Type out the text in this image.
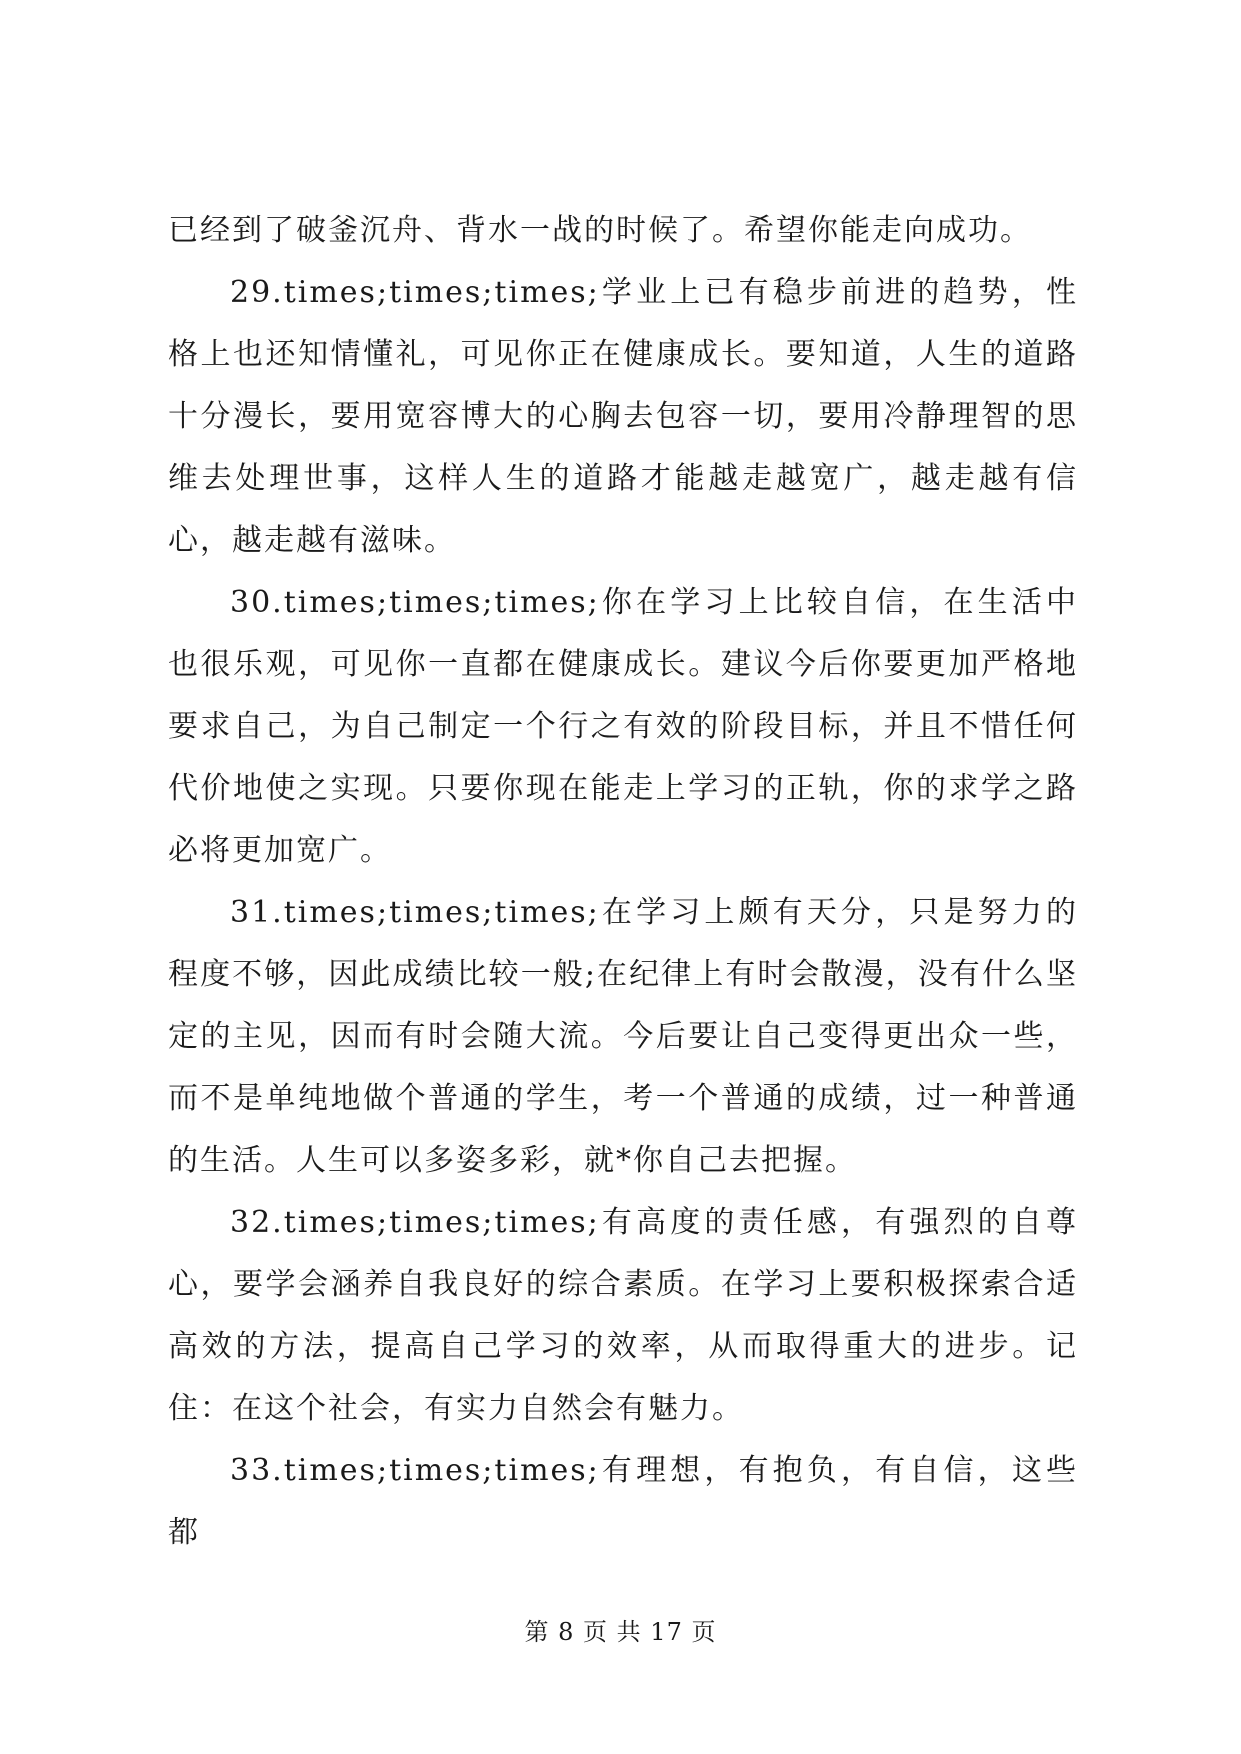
已经到了破釜沉舟、背水一战的时候了。希望你能走向成功。

29.times;times;times;学业上已有稳步前进的趋势，性格上也还知情懂礼，可见你正在健康成长。要知道，人生的道路十分漫长，要用宽容博大的心胸去包容一切，要用冷静理智的思维去处理世事，这样人生的道路才能越走越宽广，越走越有信心，越走越有滋味。

30.times;times;times;你在学习上比较自信，在生活中也很乐观，可见你一直都在健康成长。建议今后你要更加严格地要求自己，为自己制定一个行之有效的阶段目标，并且不惜任何代价地使之实现。只要你现在能走上学习的正轨，你的求学之路必将更加宽广。

31.times;times;times;在学习上颇有天分，只是努力的程度不够，因此成绩比较一般;在纪律上有时会散漫，没有什么坚定的主见，因而有时会随大流。今后要让自己变得更出众一些，而不是单纯地做个普通的学生，考一个普通的成绩，过一种普通的生活。人生可以多姿多彩，就*你自己去把握。

32.times;times;times;有高度的责任感，有强烈的自尊心，要学会涵养自我良好的综合素质。在学习上要积极探索合适高效的方法，提高自己学习的效率，从而取得重大的进步。记住：在这个社会，有实力自然会有魅力。

33.times;times;times;有理想，有抱负，有自信，这些都

第 8 页 共 17 页
